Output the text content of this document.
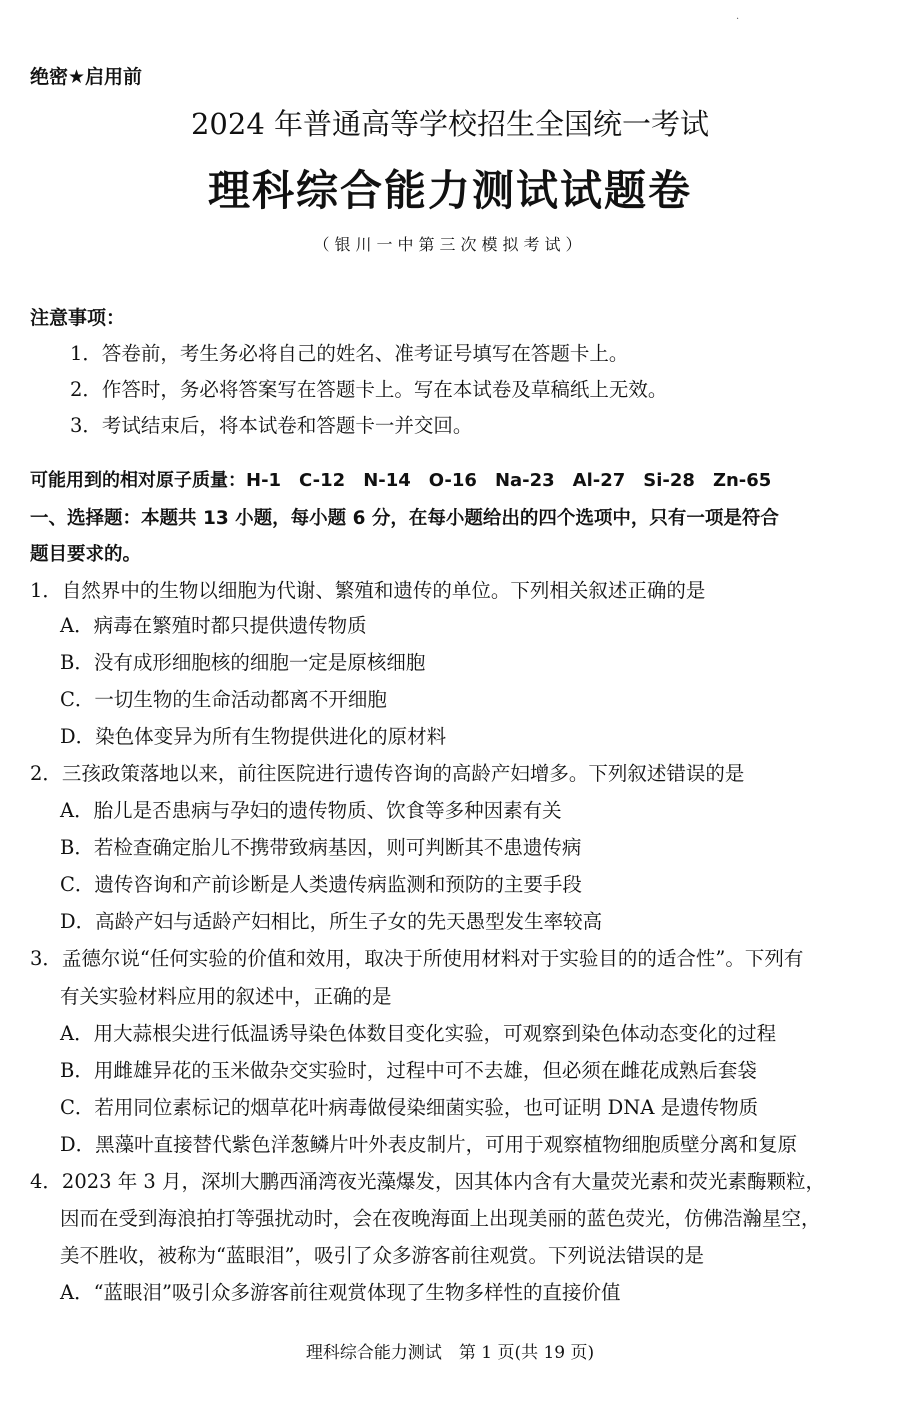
·
绝密★启用前
2024 年普通高等学校招生全国统一考试
理科综合能力测试试题卷
（银川一中第三次模拟考试）
注意事项：
1．答卷前，考生务必将自己的姓名、准考证号填写在答题卡上。
2．作答时，务必将答案写在答题卡上。写在本试卷及草稿纸上无效。
3．考试结束后，将本试卷和答题卡一并交回。
可能用到的相对原子质量：H-1　C-12　N-14　O-16　Na-23　Al-27　Si-28　Zn-65
一、选择题：本题共 13 小题，每小题 6 分，在每小题给出的四个选项中，只有一项是符合
题目要求的。
1．自然界中的生物以细胞为代谢、繁殖和遗传的单位。下列相关叙述正确的是
A．病毒在繁殖时都只提供遗传物质
B．没有成形细胞核的细胞一定是原核细胞
C．一切生物的生命活动都离不开细胞
D．染色体变异为所有生物提供进化的原材料
2．三孩政策落地以来，前往医院进行遗传咨询的高龄产妇增多。下列叙述错误的是
A．胎儿是否患病与孕妇的遗传物质、饮食等多种因素有关
B．若检查确定胎儿不携带致病基因，则可判断其不患遗传病
C．遗传咨询和产前诊断是人类遗传病监测和预防的主要手段
D．高龄产妇与适龄产妇相比，所生子女的先天愚型发生率较高
3．孟德尔说“任何实验的价值和效用，取决于所使用材料对于实验目的的适合性”。下列有
有关实验材料应用的叙述中，正确的是
A．用大蒜根尖进行低温诱导染色体数目变化实验，可观察到染色体动态变化的过程
B．用雌雄异花的玉米做杂交实验时，过程中可不去雄，但必须在雌花成熟后套袋
C．若用同位素标记的烟草花叶病毒做侵染细菌实验，也可证明 DNA 是遗传物质
D．黑藻叶直接替代紫色洋葱鳞片叶外表皮制片，可用于观察植物细胞质壁分离和复原
4．2023 年 3 月，深圳大鹏西涌湾夜光藻爆发，因其体内含有大量荧光素和荧光素酶颗粒，
因而在受到海浪拍打等强扰动时，会在夜晚海面上出现美丽的蓝色荧光，仿佛浩瀚星空，
美不胜收，被称为“蓝眼泪”，吸引了众多游客前往观赏。下列说法错误的是
A．“蓝眼泪”吸引众多游客前往观赏体现了生物多样性的直接价值
理科综合能力测试　第 1 页(共 19 页)
